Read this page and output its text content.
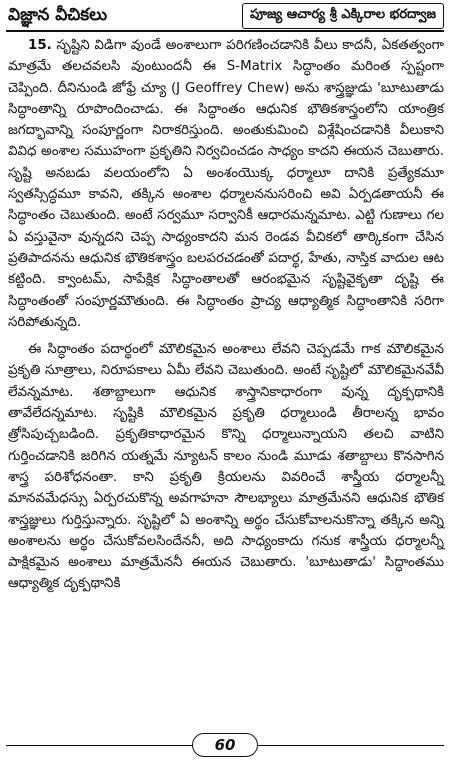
విజ్ఞాన వీచికలు	పూజ్య ఆచార్య శ్రీ ఎక్కిరాల భరద్వాజ

15. సృష్టిని విడిగా వుండే అంశాలుగా పరిగణించడానికి వీలు కాదనీ, ఏకతత్వంగా మాత్రమే తలచవలసి వుంటుందనీ ఈ S-Matrix సిద్ధాంతం మరింత స్పష్టంగా చెప్పింది. దీనినుండి జోఫ్రే చ్యూ (J Geoffrey Chew) అను శాస్త్రజ్ఞుడు 'బూటుతాడు సిద్ధాంతాన్ని రూపొందించాడు. ఈ సిద్ధాంతం ఆధునిక భౌతికశాస్త్రంలోని యాంత్రిక జగద్భావాన్ని సంపూర్ణంగా నిరాకరిస్తుంది. అంతుకుమించి విశ్లేషించడానికి వీలుకాని వివిధ అంశాల సముహంగా ప్రకృతిని నిర్వచించడం సాధ్యం కాదని ఈయన చెబుతారు. సృష్టి అనబడు వలయంలోని ఏ అంశంయొక్క ధర్మాలూ దానికి ప్రత్యేకమూ స్వతస్సిద్ధమూ కావని, తక్కిన అంశాల ధర్మాలననుసరించి అవి ఏర్పడతాయనీ ఈ సిద్ధాంతం చెబుతుంది. అంటే సర్వమూ సర్వానికీ ఆధారమన్నమాట. ఎట్టి గుణాలు గల ఏ వస్తువైనా వున్నదని చెప్ప సాధ్యంకాదని మన రెండవ వీచికలో తార్కికంగా చేసిన ప్రతిపాదనను ఆధునిక భౌతికశాస్త్రం బలపరచడంతో పదార్థ, హేతు, నాస్తిక వాదుల ఆట కట్టింది. క్వాంటమ్, సాపేక్షిక సిద్ధాంతాలతో ఆరంభమైన సృష్టివైకృతా దృష్టి ఈ సిద్ధాంతంతో సంపూర్ణమౌతుంది. ఈ సిద్ధాంతం ప్రాచ్య ఆధ్యాత్మిక సిద్ధాంతానికి సరిగా సరిపోతున్నది.

ఈ సిద్ధాంతం పదార్థంలో మౌలికమైన అంశాలు లేవని చెప్పడమే గాక మౌలికమైన ప్రకృతి సూత్రాలు, నిరూపకాలు ఏమీ లేవని చెబుతుంది. అంటే సృష్టిలో మౌలికమైనవేవీ లేవన్నమాట. శతాబ్దాలుగా ఆధునిక శాస్త్రానికాధారంగా వున్న దృక్పథానికి తావేలేదన్నమాట. సృష్టికి మౌలికమైన ప్రకృతి ధర్మాలుండి తీరాలన్న భావం త్రోసిపుచ్చబడింది. ప్రకృతికాధారమైన కొన్ని ధర్మాలున్నాయని తలచి వాటిని గుర్తించడానికి జరిగిన యత్నమే న్యూటన్ కాలం నుండి మూడు శతాబ్దాలు కొనసాగిన శాస్త్ర పరిశోధనంతా. కాని ప్రకృతి క్రియలను వివరించే శాస్త్రీయ ధర్మాలన్నీ మానవమేధస్సు ఏర్పరచుకొన్న అవగాహనా సౌలభ్యాలు మాత్రమేనని ఆధునిక భౌతిక శాస్త్రజ్ఞులు గుర్తిస్తున్నారు. సృష్టిలో ఏ అంశాన్ని అర్థం చేసుకోవాలనుకొన్నా తక్కిన అన్ని అంశాలను అర్థం చేసుకోవలసిందేననీ, అది సాధ్యంకాదు గనుక శాస్త్రీయ ధర్మాలన్నీ పాక్షికమైన అంశాలు మాత్రమేననీ ఈయన చెబుతారు. 'బూటుతాడు' సిద్ధాంతము ఆధ్యాత్మిక దృక్పథానికి

60
